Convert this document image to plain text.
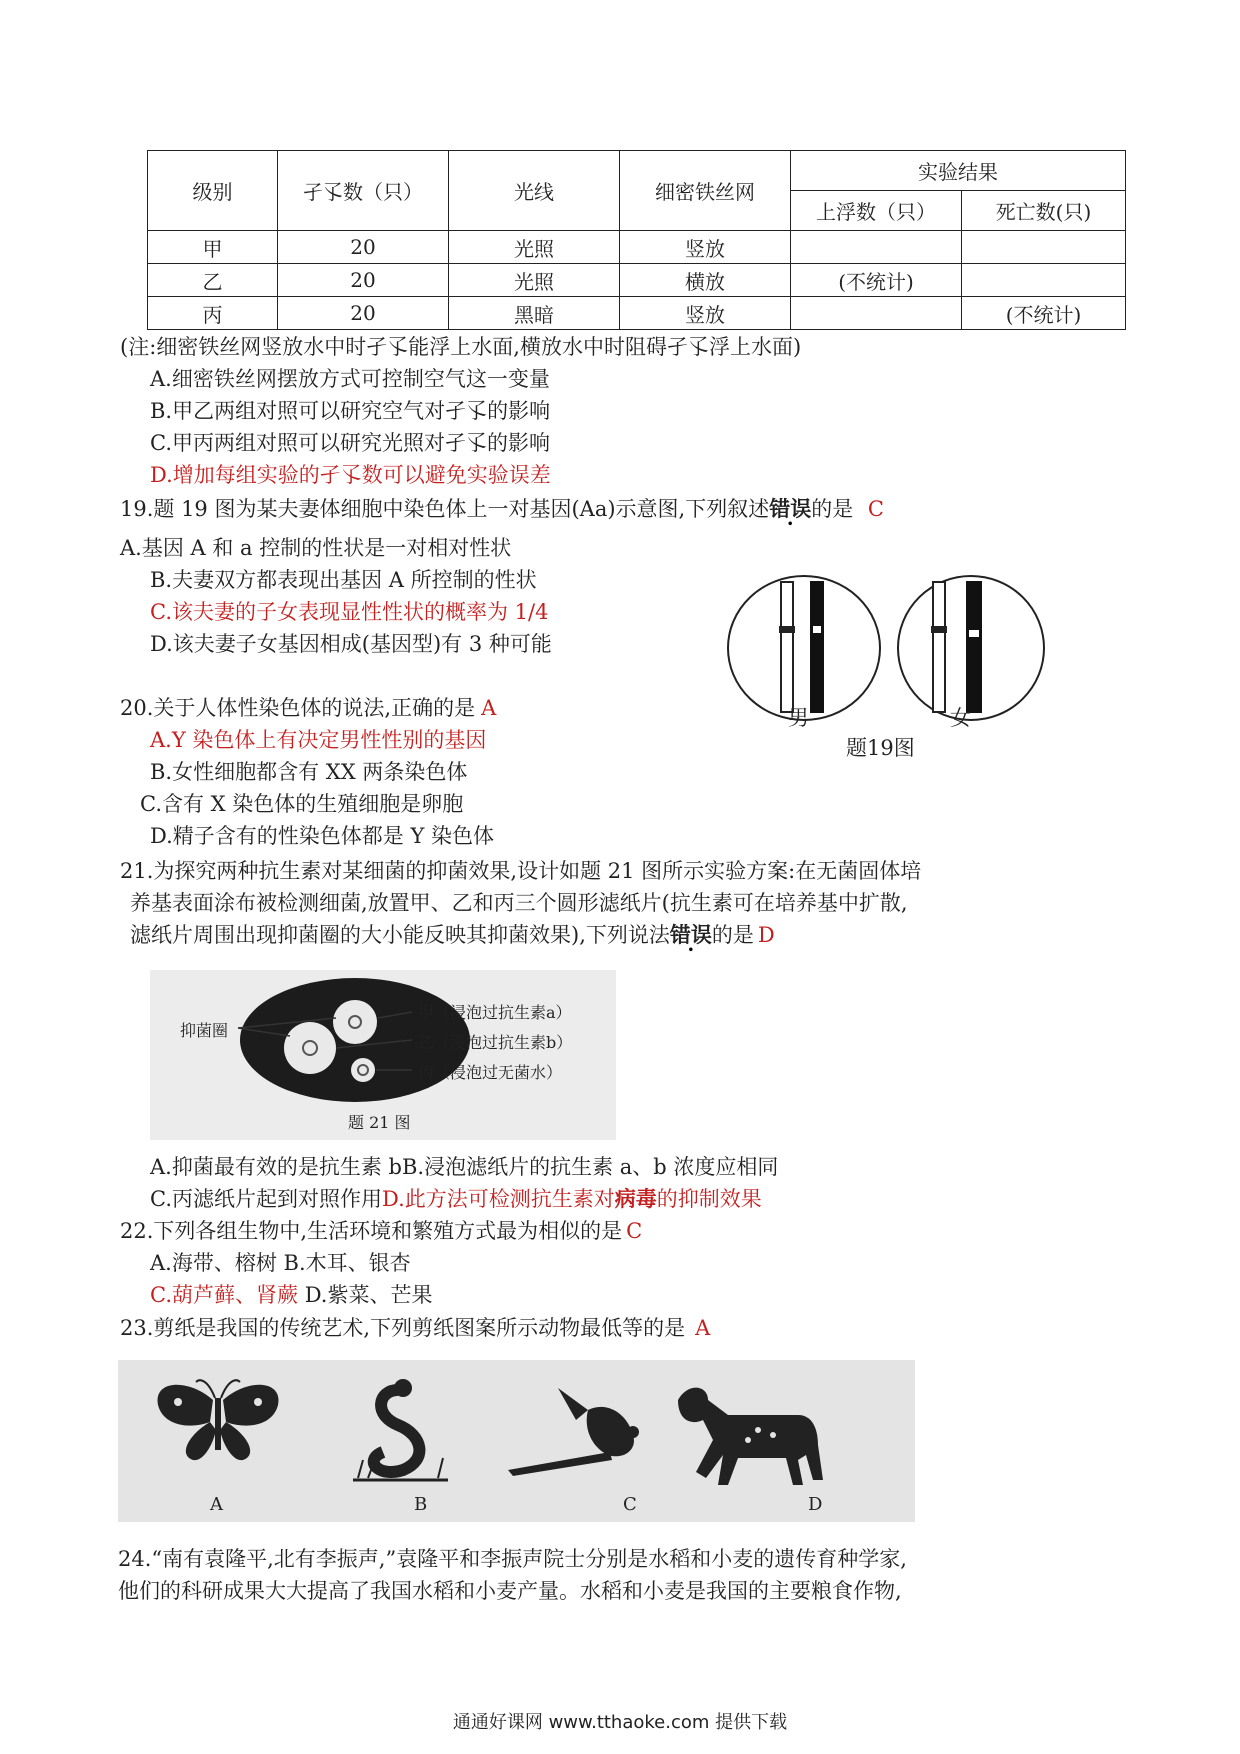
级别	孑孓数（只）	光线	细密铁丝网	实验结果	
				上浮数（只）	死亡数(只)
甲	20	光照	竖放		
乙	20	光照	横放	(不统计)	
丙	20	黑暗	竖放		(不统计)
(注:细密铁丝网竖放水中时孑孓能浮上水面,横放水中时阻碍孑孓浮上水面)
A.细密铁丝网摆放方式可控制空气这一变量
B.甲乙两组对照可以研究空气对孑孓的影响
C.甲丙两组对照可以研究光照对孑孓的影响
D.增加每组实验的孑孓数可以避免实验误差
19.题 19 图为某夫妻体细胞中染色体上一对基因(Aa)示意图,下列叙述错误的是 C
A.基因 A 和 a 控制的性状是一对相对性状
B.夫妻双方都表现出基因 A 所控制的性状
C.该夫妻的子女表现显性性状的概率为 1/4
D.该夫妻子女基因相成(基因型)有 3 种可能
男	女
题19图
20.关于人体性染色体的说法,正确的是 A
A.Y 染色体上有决定男性性别的基因
B.女性细胞都含有 XX 两条染色体
C.含有 X 染色体的生殖细胞是卵胞
D.精子含有的性染色体都是 Y 染色体
21.为探究两种抗生素对某细菌的抑菌效果,设计如题 21 图所示实验方案:在无菌固体培
养基表面涂布被检测细菌,放置甲、乙和丙三个圆形滤纸片(抗生素可在培养基中扩散,
滤纸片周围出现抑菌圈的大小能反映其抑菌效果),下列说法错误的是 D
抑菌圈
甲（浸泡过抗生素a）
乙（浸泡过抗生素b）
丙（浸泡过无菌水）
题 21 图
A.抑菌最有效的是抗生素 bB.浸泡滤纸片的抗生素 a、b 浓度应相同
C.丙滤纸片起到对照作用D.此方法可检测抗生素对病毒的抑制效果
22.下列各组生物中,生活环境和繁殖方式最为相似的是 C
A.海带、榕树 B.木耳、银杏
C.葫芦藓、肾蕨 D.紫菜、芒果
23.剪纸是我国的传统艺术,下列剪纸图案所示动物最低等的是 A
A	B	C	D
24.“南有袁隆平,北有李振声,”袁隆平和李振声院士分别是水稻和小麦的遗传育种学家,
他们的科研成果大大提高了我国水稻和小麦产量。水稻和小麦是我国的主要粮食作物,
通通好课网 www.tthaoke.com 提供下载
